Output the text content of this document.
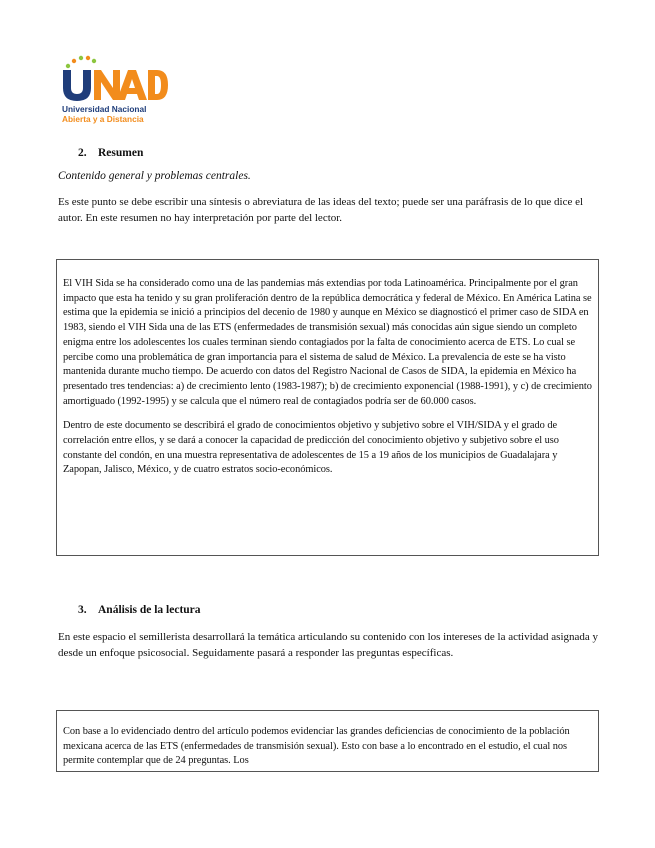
Universidad Nacional
Abierta y a Distancia
2. Resumen
Contenido general y problemas centrales.
Es este punto se debe escribir una síntesis o abreviatura de las ideas del texto; puede ser una paráfrasis de lo que dice el autor. En este resumen no hay interpretación por parte del lector.

El VIH Sida se ha considerado como una de las pandemias más extendias por toda Latinoamérica. Principalmente por el gran impacto que esta ha tenido y su gran proliferación dentro de la república democrática y federal de México. En América Latina se estima que la epidemia se inició a principios del decenio de 1980 y aunque en México se diagnosticó el primer caso de SIDA en 1983, siendo el VIH Sida una de las ETS (enfermedades de transmisión sexual) más conocidas aún sigue siendo un completo enigma entre los adolescentes los cuales terminan siendo contagiados por la falta de conocimiento acerca de ETS. Lo cual se percibe como una problemática de gran importancia para el sistema de salud de México. La prevalencia de este se ha visto mantenida durante mucho tiempo. De acuerdo con datos del Registro Nacional de Casos de SIDA, la epidemia en México ha presentado tres tendencias: a) de crecimiento lento (1983-1987); b) de crecimiento exponencial (1988-1991), y c) de crecimiento amortiguado (1992-1995) y se calcula que el número real de contagiados podría ser de 60.000 casos.

Dentro de este documento se describirá el grado de conocimientos objetivo y subjetivo sobre el VIH/SIDA y el grado de correlación entre ellos, y se dará a conocer la capacidad de predicción del conocimiento objetivo y subjetivo sobre el uso constante del condón, en una muestra representativa de adolescentes de 15 a 19 años de los municipios de Guadalajara y Zapopan, Jalisco, México, y de cuatro estratos socio-económicos.

3. Análisis de la lectura
En este espacio el semillerista desarrollará la temática articulando su contenido con los intereses de la actividad asignada y desde un enfoque psicosocial. Seguidamente pasará a responder las preguntas específicas.

Con base a lo evidenciado dentro del artículo podemos evidenciar las grandes deficiencias de conocimiento de la población mexicana acerca de las ETS (enfermedades de transmisión sexual). Esto con base a lo encontrado en el estudio, el cual nos permite contemplar que de 24 preguntas. Los
